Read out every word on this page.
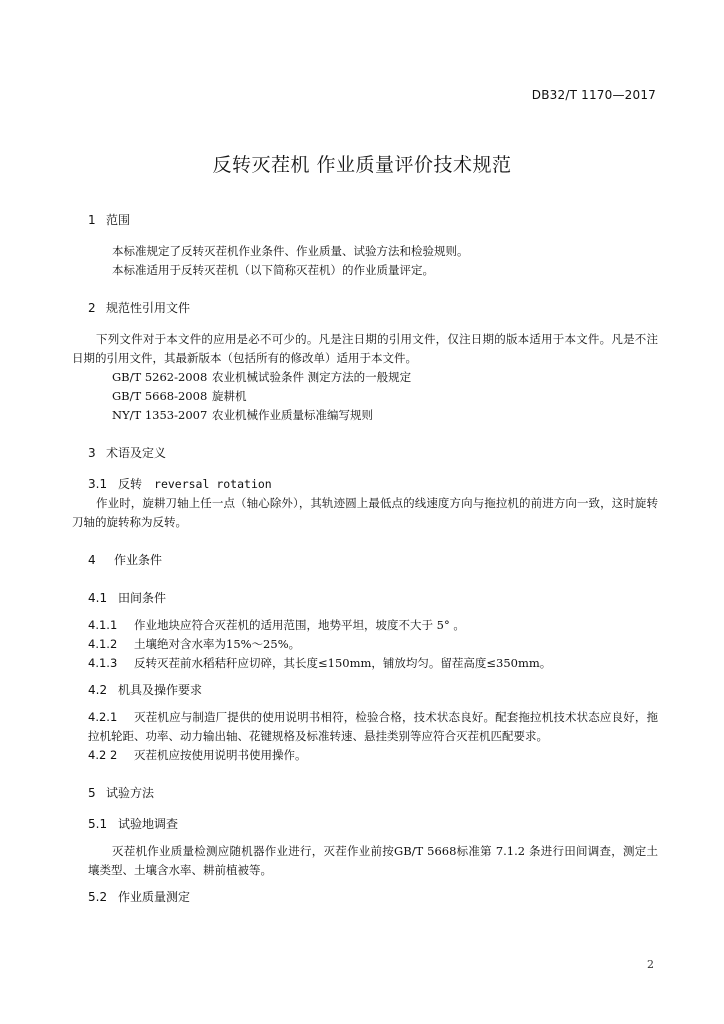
DB32/T 1170—2017
反转灭茬机 作业质量评价技术规范
1 范围

本标准规定了反转灭茬机作业条件、作业质量、试验方法和检验规则。

本标准适用于反转灭茬机（以下简称灭茬机）的作业质量评定。

2 规范性引用文件

下列文件对于本文件的应用是必不可少的。凡是注日期的引用文件，仅注日期的版本适用于本文件。凡是不注日期的引用文件，其最新版本（包括所有的修改单）适用于本文件。

GB/T 5262-2008 农业机械试验条件 测定方法的一般规定

GB/T 5668-2008 旋耕机

NY/T 1353-2007 农业机械作业质量标准编写规则

3 术语及定义
3.1 反转 reversal rotation

作业时，旋耕刀轴上任一点（轴心除外），其轨迹圆上最低点的线速度方向与拖拉机的前进方向一致，这时旋转刀轴的旋转称为反转。

4 作业条件
4.1 田间条件

4.1.1 作业地块应符合灭茬机的适用范围，地势平坦，坡度不大于 5° 。

4.1.2 土壤绝对含水率为15%～25%。

4.1.3 反转灭茬前水稻秸秆应切碎，其长度≤150mm，铺放均匀。留茬高度≤350mm。

4.2 机具及操作要求

4.2.1 灭茬机应与制造厂提供的使用说明书相符，检验合格，技术状态良好。配套拖拉机技术状态应良好，拖拉机轮距、功率、动力输出轴、花键规格及标准转速、悬挂类别等应符合灭茬机匹配要求。

4.2 2 灭茬机应按使用说明书使用操作。

5 试验方法
5.1 试验地调查

灭茬机作业质量检测应随机器作业进行，灭茬作业前按GB/T 5668标准第 7.1.2 条进行田间调查，测定土壤类型、土壤含水率、耕前植被等。

5.2 作业质量测定
2
